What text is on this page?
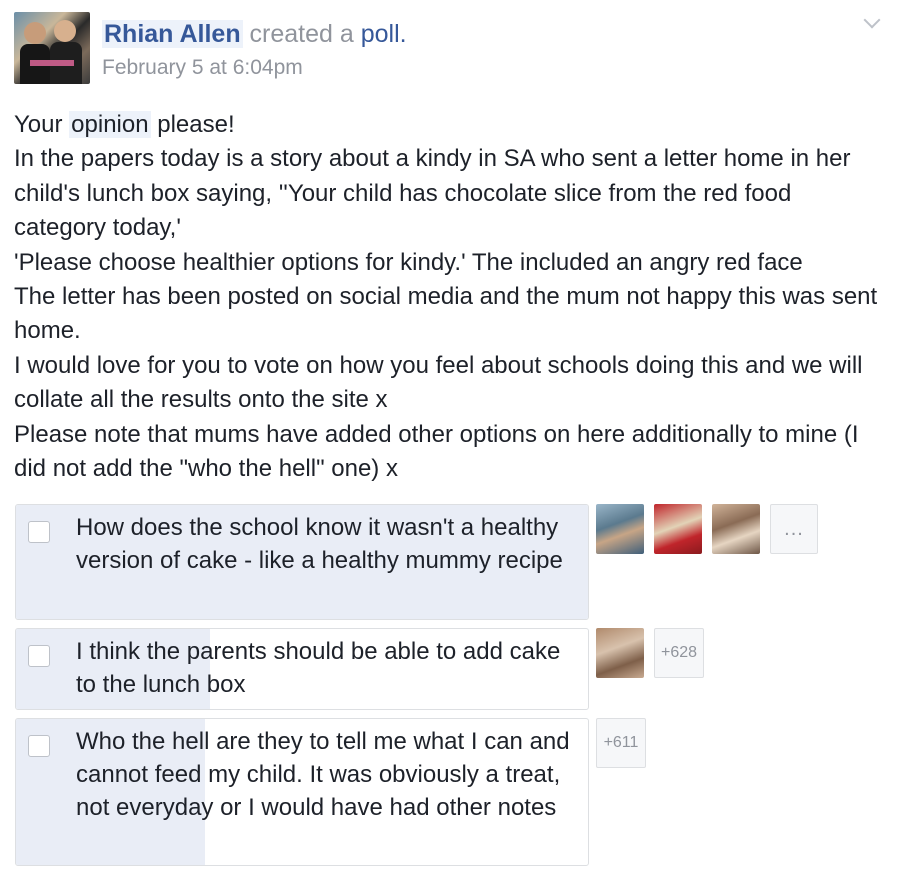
Rhian Allen created a poll.
February 5 at 6:04pm

Your opinion please!

In the papers today is a story about a kindy in SA who sent a letter home in her child's lunch box saying, ''Your child has chocolate slice from the red food category today,'

'Please choose healthier options for kindy.' The included an angry red face

The letter has been posted on social media and the mum not happy this was sent home.

I would love for you to vote on how you feel about schools doing this and we will collate all the results onto the site x

Please note that mums have added other options on here additionally to mine (I did not add the "who the hell" one) x

How does the school know it wasn't a healthy version of cake - like a healthy mummy recipe
...
I think the parents should be able to add cake to the lunch box
+628
Who the hell are they to tell me what I can and cannot feed my child. It was obviously a treat, not everyday or I would have had other notes
+611
